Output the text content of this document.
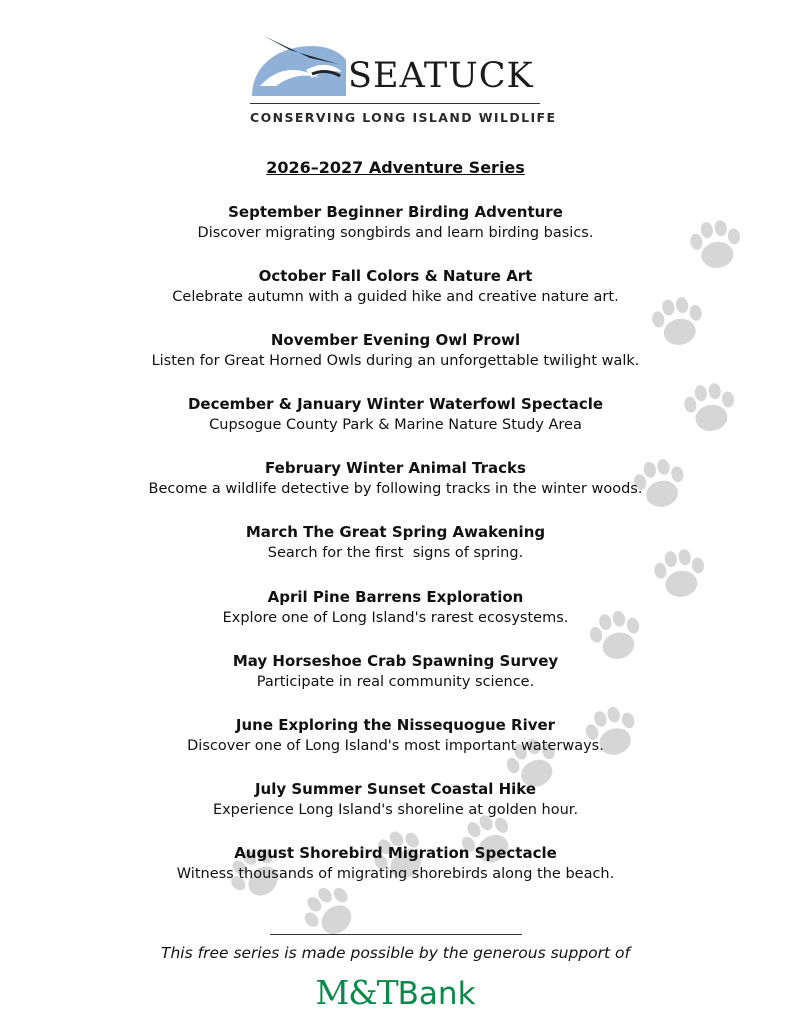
SEATUCK
CONSERVING LONG ISLAND WILDLIFE
2026–2027 Adventure Series
September Beginner Birding Adventure
Discover migrating songbirds and learn birding basics.
October Fall Colors & Nature Art
Celebrate autumn with a guided hike and creative nature art.
November Evening Owl Prowl
Listen for Great Horned Owls during an unforgettable twilight walk.
December & January Winter Waterfowl Spectacle
Cupsogue County Park & Marine Nature Study Area
February Winter Animal Tracks
Become a wildlife detective by following tracks in the winter woods.
March The Great Spring Awakening
Search for the first  signs of spring.
April Pine Barrens Exploration
Explore one of Long Island's rarest ecosystems.
May Horseshoe Crab Spawning Survey
Participate in real community science.
June Exploring the Nissequogue River
Discover one of Long Island's most important waterways.
July Summer Sunset Coastal Hike
Experience Long Island's shoreline at golden hour.
August Shorebird Migration Spectacle
Witness thousands of migrating shorebirds along the beach.
This free series is made possible by the generous support of
M&TBank
